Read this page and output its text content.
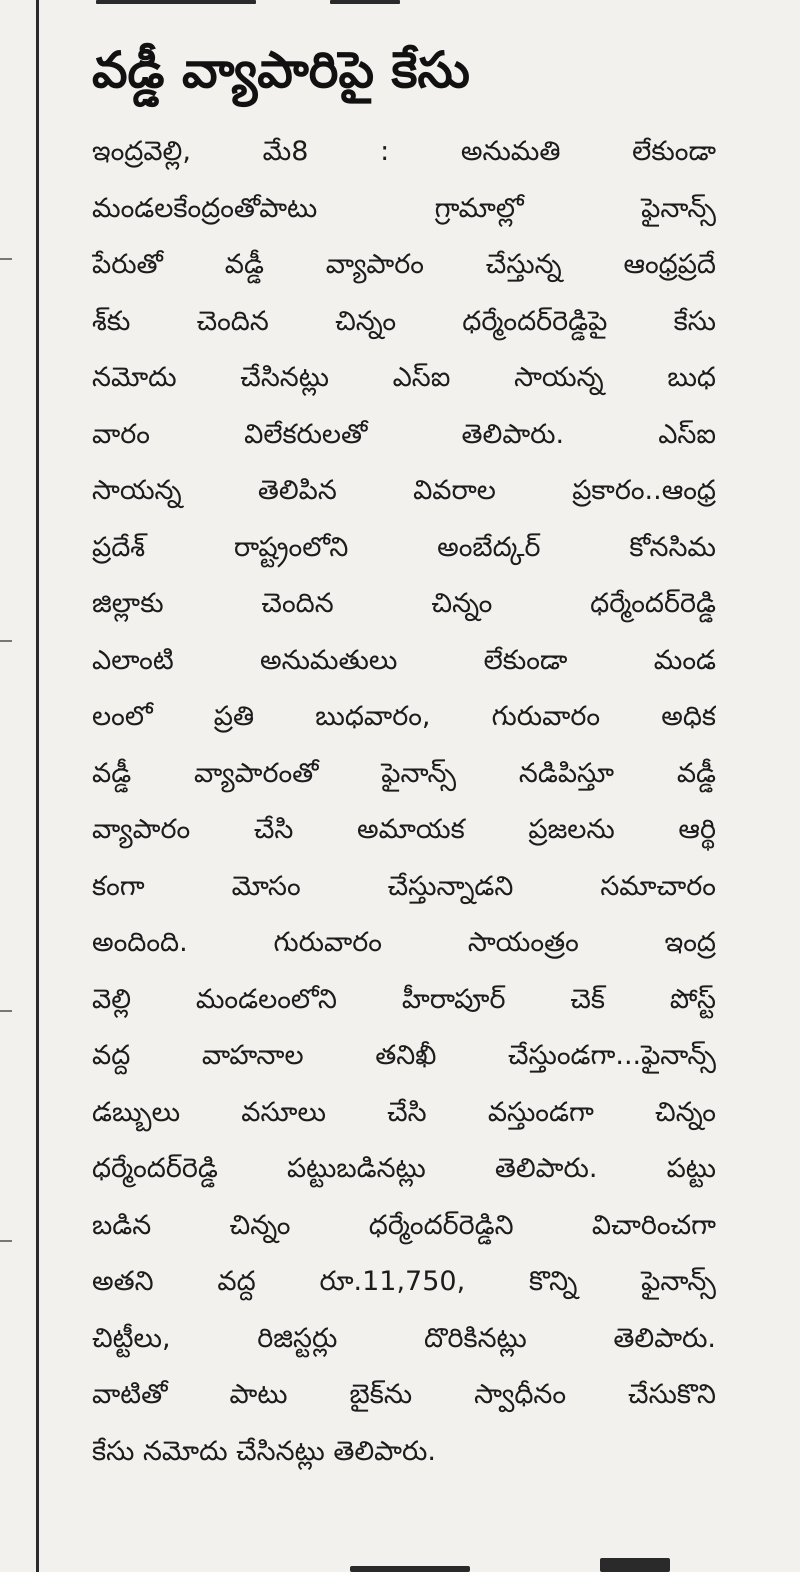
వడ్డీ వ్యాపారిపై కేసు
ఇంద్రవెల్లి, మే8 : అనుమతి లేకుండా
మండలకేంద్రంతోపాటు గ్రామాల్లో ఫైనాన్స్
పేరుతో వడ్డీ వ్యాపారం చేస్తున్న ఆంధ్రప్రదే
శ్‌కు చెందిన చిన్నం ధర్మేందర్‌రెడ్డిపై కేసు
నమోదు చేసినట్లు ఎస్ఐ సాయన్న బుధ
వారం విలేకరులతో తెలిపారు. ఎస్ఐ
సాయన్న తెలిపిన వివరాల ప్రకారం..ఆంధ్ర
ప్రదేశ్ రాష్ట్రంలోని అంబేద్కర్ కోనసిమ
జిల్లాకు చెందిన చిన్నం ధర్మేందర్‌రెడ్డి
ఎలాంటి అనుమతులు లేకుండా మండ
లంలో ప్రతి బుధవారం, గురువారం అధిక
వడ్డీ వ్యాపారంతో ఫైనాన్స్ నడిపిస్తూ వడ్డీ
వ్యాపారం చేసి అమాయక ప్రజలను ఆర్థి
కంగా మోసం చేస్తున్నాడని సమాచారం
అందింది. గురువారం సాయంత్రం ఇంద్ర
వెల్లి మండలంలోని హీరాపూర్ చెక్ పోస్ట్
వద్ద వాహనాల తనిఖీ చేస్తుండగా...ఫైనాన్స్
డబ్బులు వసూలు చేసి వస్తుండగా చిన్నం
ధర్మేందర్‌రెడ్డి పట్టుబడినట్లు తెలిపారు. పట్టు
బడిన చిన్నం ధర్మేందర్‌రెడ్డిని విచారించగా
అతని వద్ద రూ.11,750, కొన్ని ఫైనాన్స్
చిట్టీలు, రిజిస్టర్లు దొరికినట్లు తెలిపారు.
వాటితో పాటు బైక్‌ను స్వాధీనం చేసుకొని
కేసు నమోదు చేసినట్లు తెలిపారు.
